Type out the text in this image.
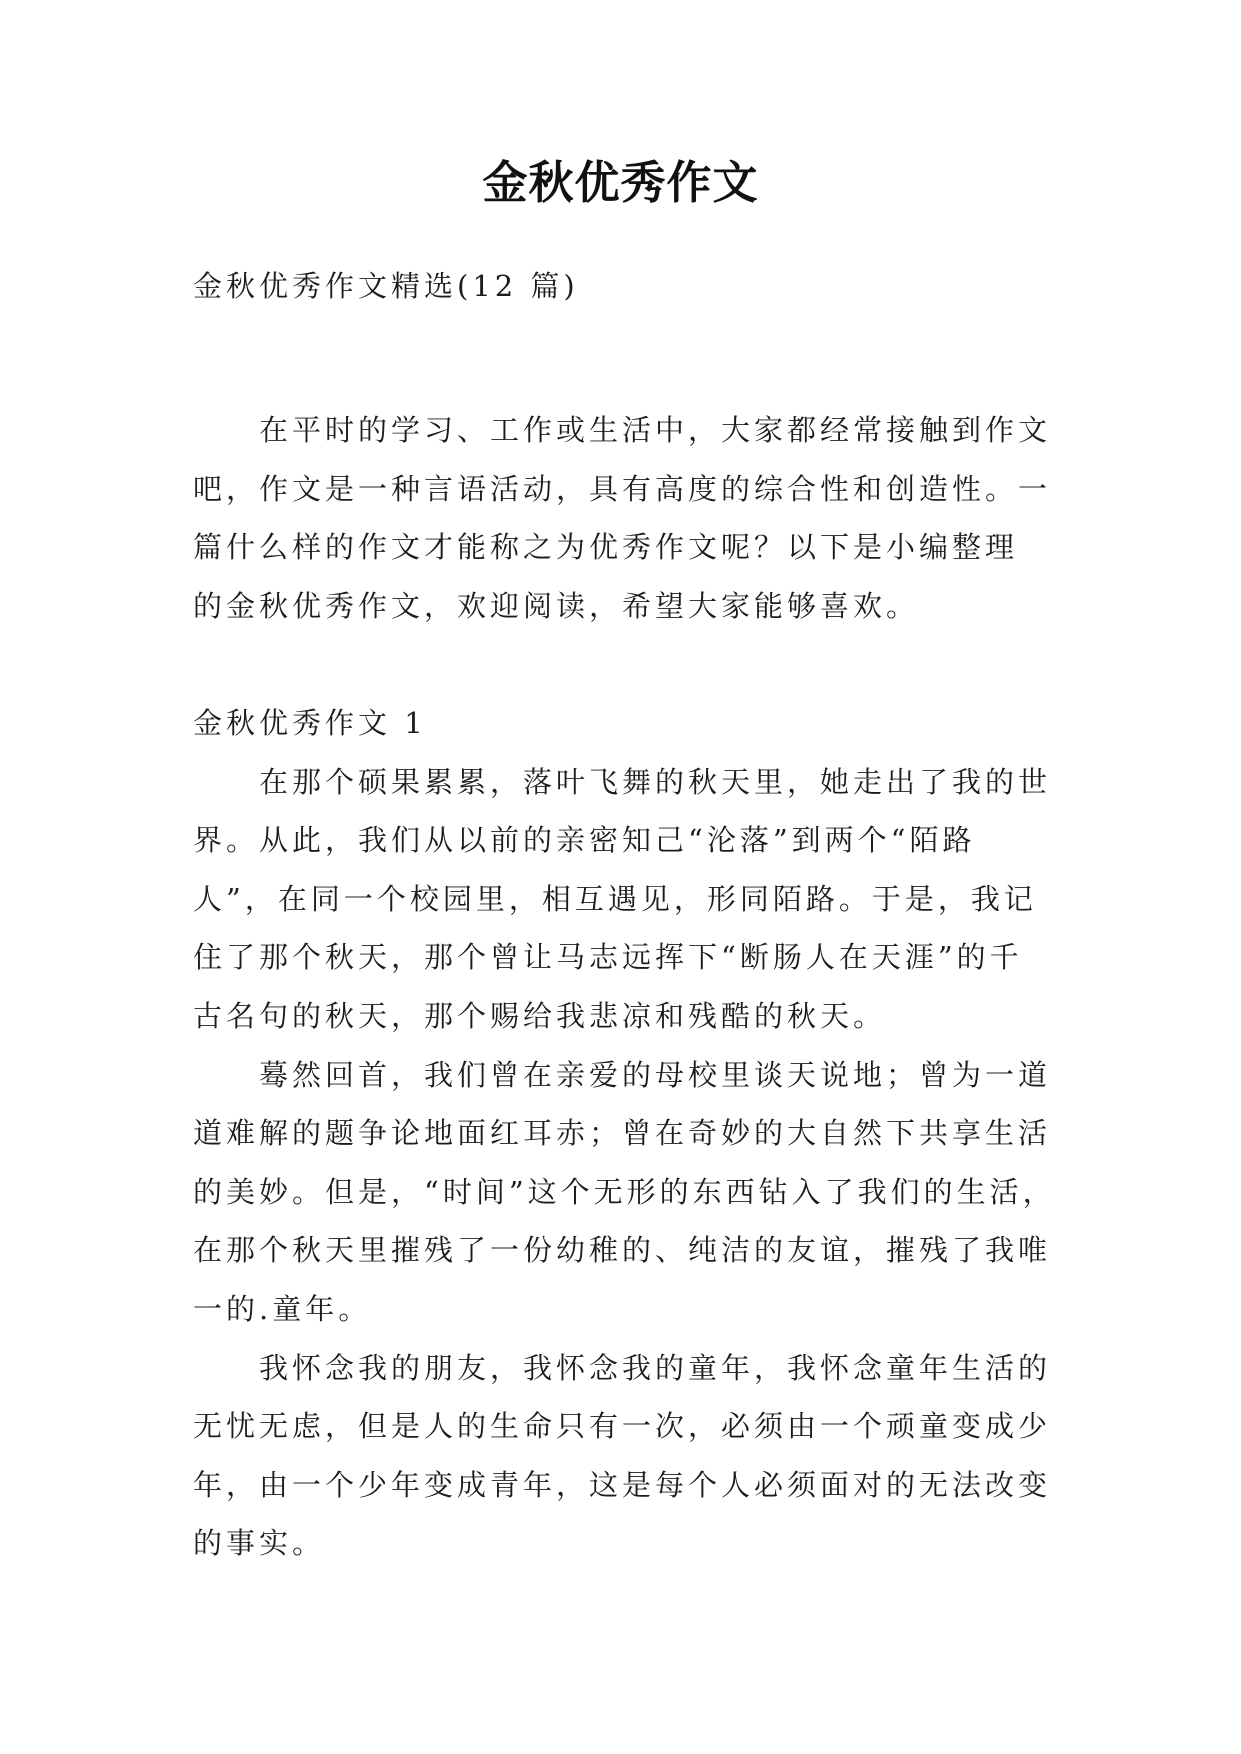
金秋优秀作文
金秋优秀作文精选(12 篇)
在平时的学习、工作或生活中，大家都经常接触到作文
吧，作文是一种言语活动，具有高度的综合性和创造性。一
篇什么样的作文才能称之为优秀作文呢？以下是小编整理
的金秋优秀作文，欢迎阅读，希望大家能够喜欢。
金秋优秀作文 1
在那个硕果累累，落叶飞舞的秋天里，她走出了我的世
界。从此，我们从以前的亲密知己“沦落”到两个“陌路
人”，在同一个校园里，相互遇见，形同陌路。于是，我记
住了那个秋天，那个曾让马志远挥下“断肠人在天涯”的千
古名句的秋天，那个赐给我悲凉和残酷的秋天。
蓦然回首，我们曾在亲爱的母校里谈天说地；曾为一道
道难解的题争论地面红耳赤；曾在奇妙的大自然下共享生活
的美妙。但是，“时间”这个无形的东西钻入了我们的生活，
在那个秋天里摧残了一份幼稚的、纯洁的友谊，摧残了我唯
一的.童年。
我怀念我的朋友，我怀念我的童年，我怀念童年生活的
无忧无虑，但是人的生命只有一次，必须由一个顽童变成少
年，由一个少年变成青年，这是每个人必须面对的无法改变
的事实。
